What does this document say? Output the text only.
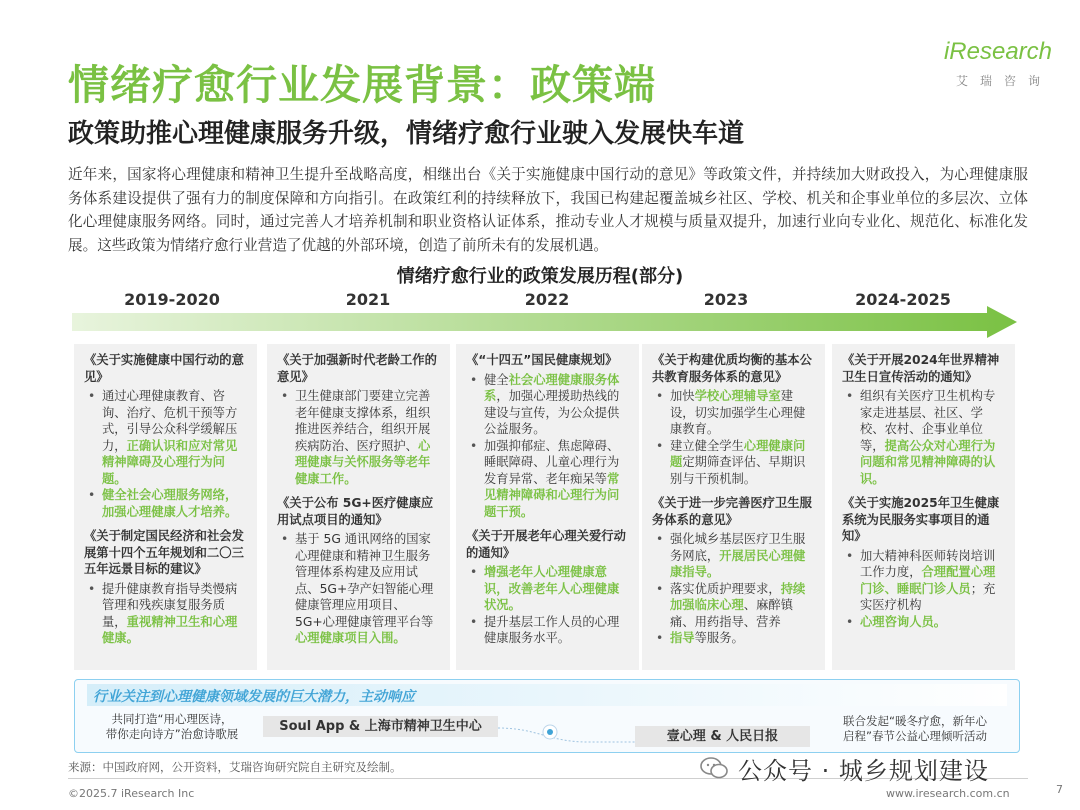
情绪疗愈行业发展背景：政策端
iResearch
艾瑞咨询
政策助推心理健康服务升级，情绪疗愈行业驶入发展快车道
近年来，国家将心理健康和精神卫生提升至战略高度，相继出台《关于实施健康中国行动的意见》等政策文件，并持续加大财政投入，为心理健康服务体系建设提供了强有力的制度保障和方向指引。在政策红利的持续释放下，我国已构建起覆盖城乡社区、学校、机关和企事业单位的多层次、立体化心理健康服务网络。同时，通过完善人才培养机制和职业资格认证体系，推动专业人才规模与质量双提升，加速行业向专业化、规范化、标准化发展。这些政策为情绪疗愈行业营造了优越的外部环境，创造了前所未有的发展机遇。
情绪疗愈行业的政策发展历程(部分)
2019-2020	2021	2022	2023	2024-2025
《关于实施健康中国行动的意见》
• 通过心理健康教育、咨询、治疗、危机干预等方式，引导公众科学缓解压力，正确认识和应对常见精神障碍及心理行为问题。
• 健全社会心理服务网络，加强心理健康人才培养。
《关于制定国民经济和社会发展第十四个五年规划和二〇三五年远景目标的建议》
• 提升健康教育指导类慢病管理和残疾康复服务质量，重视精神卫生和心理健康。
《关于加强新时代老龄工作的意见》
• 卫生健康部门要建立完善老年健康支撑体系，组织推进医养结合，组织开展疾病防治、医疗照护、心理健康与关怀服务等老年健康工作。
《关于公布 5G+医疗健康应用试点项目的通知》
• 基于 5G 通讯网络的国家心理健康和精神卫生服务管理体系构建及应用试点、5G+孕产妇智能心理健康管理应用项目、5G+心理健康管理平台等心理健康项目入围。
《“十四五”国民健康规划》
• 健全社会心理健康服务体系，加强心理援助热线的建设与宣传，为公众提供公益服务。
• 加强抑郁症、焦虑障碍、睡眠障碍、儿童心理行为发育异常、老年痴呆等常见精神障碍和心理行为问题干预。
《关于开展老年心理关爱行动的通知》
• 增强老年人心理健康意识，改善老年人心理健康状况。
• 提升基层工作人员的心理健康服务水平。
《关于构建优质均衡的基本公共教育服务体系的意见》
• 加快学校心理辅导室建设，切实加强学生心理健康教育。
• 建立健全学生心理健康问题定期筛查评估、早期识别与干预机制。
《关于进一步完善医疗卫生服务体系的意见》
• 强化城乡基层医疗卫生服务网底，开展居民心理健康指导。
• 落实优质护理要求，持续加强临床心理、麻醉镇痛、用药指导、营养
• 指导等服务。
《关于开展2024年世界精神卫生日宣传活动的通知》
• 组织有关医疗卫生机构专家走进基层、社区、学校、农村、企事业单位等，提高公众对心理行为问题和常见精神障碍的认识。
《关于实施2025年卫生健康系统为民服务实事项目的通知》
• 加大精神科医师转岗培训工作力度，合理配置心理门诊、睡眠门诊人员；充实医疗机构
• 心理咨询人员。
行业关注到心理健康领域发展的巨大潜力，主动响应
共同打造“用心理医诗，
带你走向诗方”治愈诗歌展	Soul App & 上海市精神卫生中心
壹心理 & 人民日报
联合发起“暖冬疗愈，新年心
启程”春节公益心理倾听活动
来源：中国政府网，公开资料，艾瑞咨询研究院自主研究及绘制。
©2025.7 iResearch Inc	www.iresearch.com.cn	7
公众号 · 城乡规划建设
